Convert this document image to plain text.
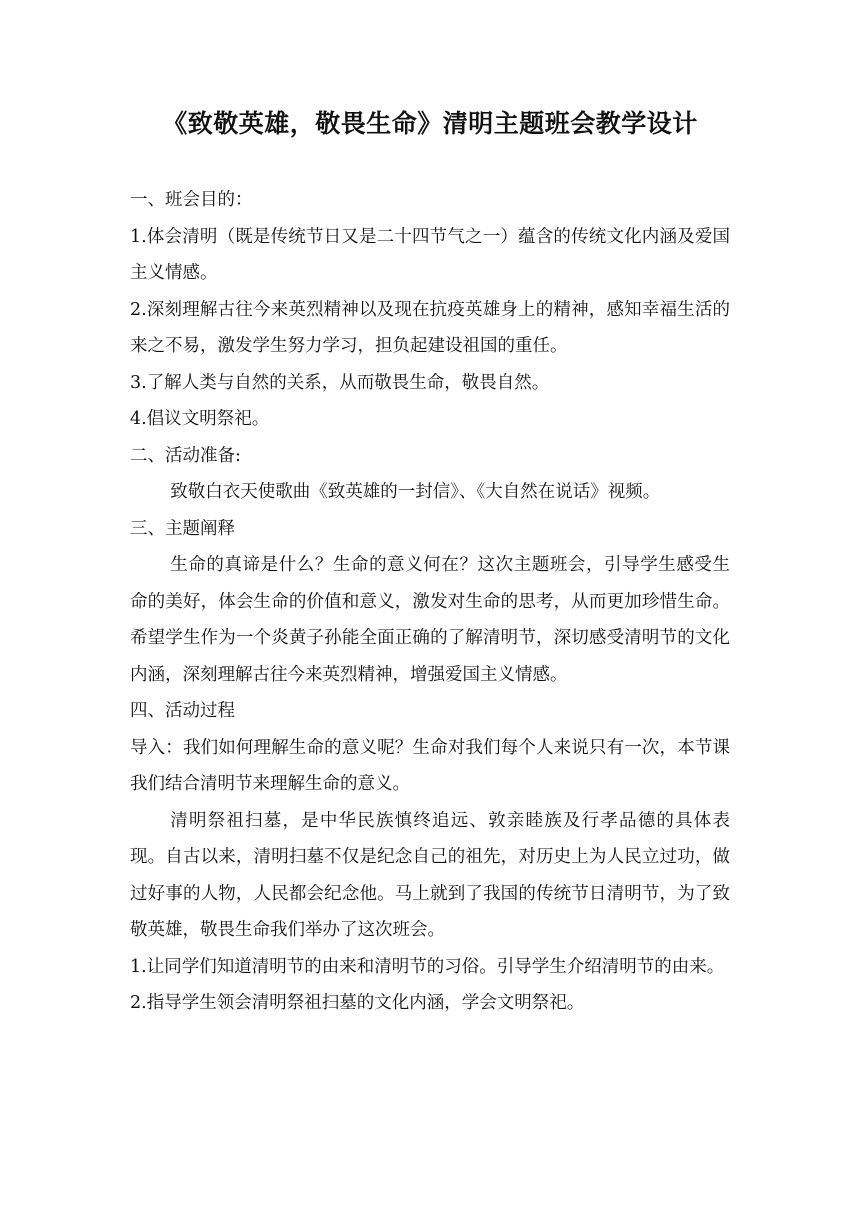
《致敬英雄，敬畏生命》清明主题班会教学设计

一、班会目的：

1.体会清明（既是传统节日又是二十四节气之一）蕴含的传统文化内涵及爱国主义情感。

2.深刻理解古往今来英烈精神以及现在抗疫英雄身上的精神，感知幸福生活的来之不易，激发学生努力学习，担负起建设祖国的重任。

3.了解人类与自然的关系，从而敬畏生命，敬畏自然。

4.倡议文明祭祀。

二、活动准备:

致敬白衣天使歌曲《致英雄的一封信》、《大自然在说话》视频。

三、主题阐释

生命的真谛是什么？生命的意义何在？这次主题班会，引导学生感受生命的美好，体会生命的价值和意义，激发对生命的思考，从而更加珍惜生命。希望学生作为一个炎黄子孙能全面正确的了解清明节，深切感受清明节的文化内涵，深刻理解古往今来英烈精神，增强爱国主义情感。

四、活动过程

导入：我们如何理解生命的意义呢？生命对我们每个人来说只有一次，本节课我们结合清明节来理解生命的意义。

清明祭祖扫墓，是中华民族慎终追远、敦亲睦族及行孝品德的具体表现。自古以来，清明扫墓不仅是纪念自己的祖先，对历史上为人民立过功，做过好事的人物，人民都会纪念他。马上就到了我国的传统节日清明节，为了致敬英雄，敬畏生命我们举办了这次班会。

1.让同学们知道清明节的由来和清明节的习俗。引导学生介绍清明节的由来。

2.指导学生领会清明祭祖扫墓的文化内涵，学会文明祭祀。
